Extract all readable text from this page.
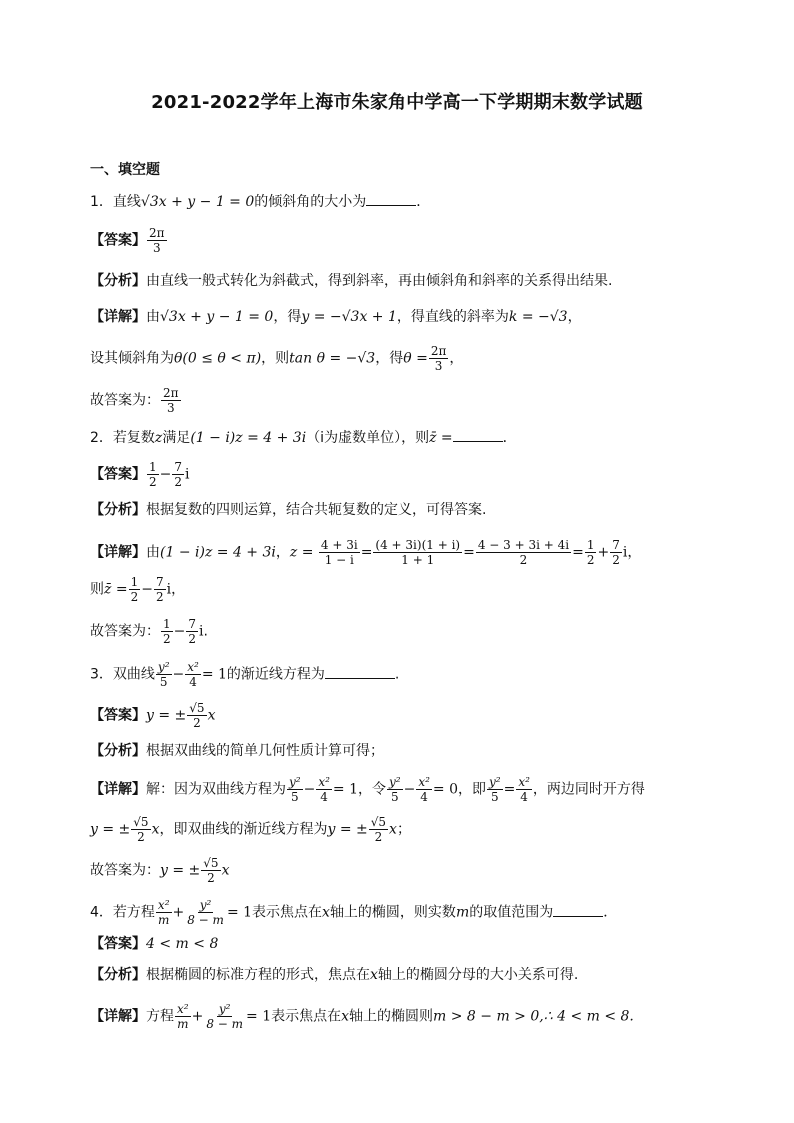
2021-2022学年上海市朱家角中学高一下学期期末数学试题
一、填空题
1．直线√3x + y − 1 = 0的倾斜角的大小为	．
【答案】 $\frac{2\pi}{3}$
【分析】由直线一般式转化为斜截式，得到斜率，再由倾斜角和斜率的关系得出结果.
【详解】由√3x + y − 1 = 0，得y = −√3x + 1，得直线的斜率为k = −√3，
设其倾斜角为θ(0 ≤ θ < π)，则tan θ = −√3，得$\theta = \frac{2\pi}{3}$ ，
故答案为： $\frac{2\pi}{3}$
2．若复数z满足(1 − i)z = 4 + 3i（i为虚数单位），则z̄ =	．
【答案】 $\frac{1}{2} - \frac{7}{2}$ i
【分析】根据复数的四则运算，结合共轭复数的定义，可得答案.
【详解】由(1 − i)z = 4 + 3i，$z = \frac{4 + 3i}{1 - i} = \frac{(4 + 3i)(1 + i)}{1 + 1} = \frac{4 - 3 + 3i + 4i}{2} = \frac{1}{2} + \frac{7}{2}$ i，
则z̄ = $\frac{1}{2} - \frac{7}{2}$ i，
故答案为： $\frac{1}{2} - \frac{7}{2} i$.
3．双曲线 $\frac{\text{y²}}{5} - \frac{\text{x²}}{4} = 1$的渐近线方程为	.
【答案】y = ± $\frac{√5}{2}$ x
【分析】根据双曲线的简单几何性质计算可得；
【详解】解：因为双曲线方程为 $\frac{\text{y²}}{5} - \frac{\text{x²}}{4} = 1$，令 $\frac{\text{y²}}{5} - \frac{\text{x²}}{4} = 0$，即 $\frac{\text{y²}}{5} = \frac{\text{x²}}{4}$ ，两边同时开方得
y = ± $\frac{√5}{2}$ x，即双曲线的渐近线方程为y = ± $\frac{√5}{2}$ x；
故答案为：y = ± $\frac{√5}{2}$ x
4．若方程 $\frac{\text{x²}}{m} + \frac{\text{y²}}{8 - m} = 1$表示焦点在x轴上的椭圆，则实数m的取值范围为	．
【答案】4 < m < 8
【分析】根据椭圆的标准方程的形式，焦点在x轴上的椭圆分母的大小关系可得.
【详解】方程 $\frac{\text{x²}}{m} + \frac{\text{y²}}{8 - m} = 1$表示焦点在x轴上的椭圆则m > 8 − m > 0,∴ 4 < m < 8.
